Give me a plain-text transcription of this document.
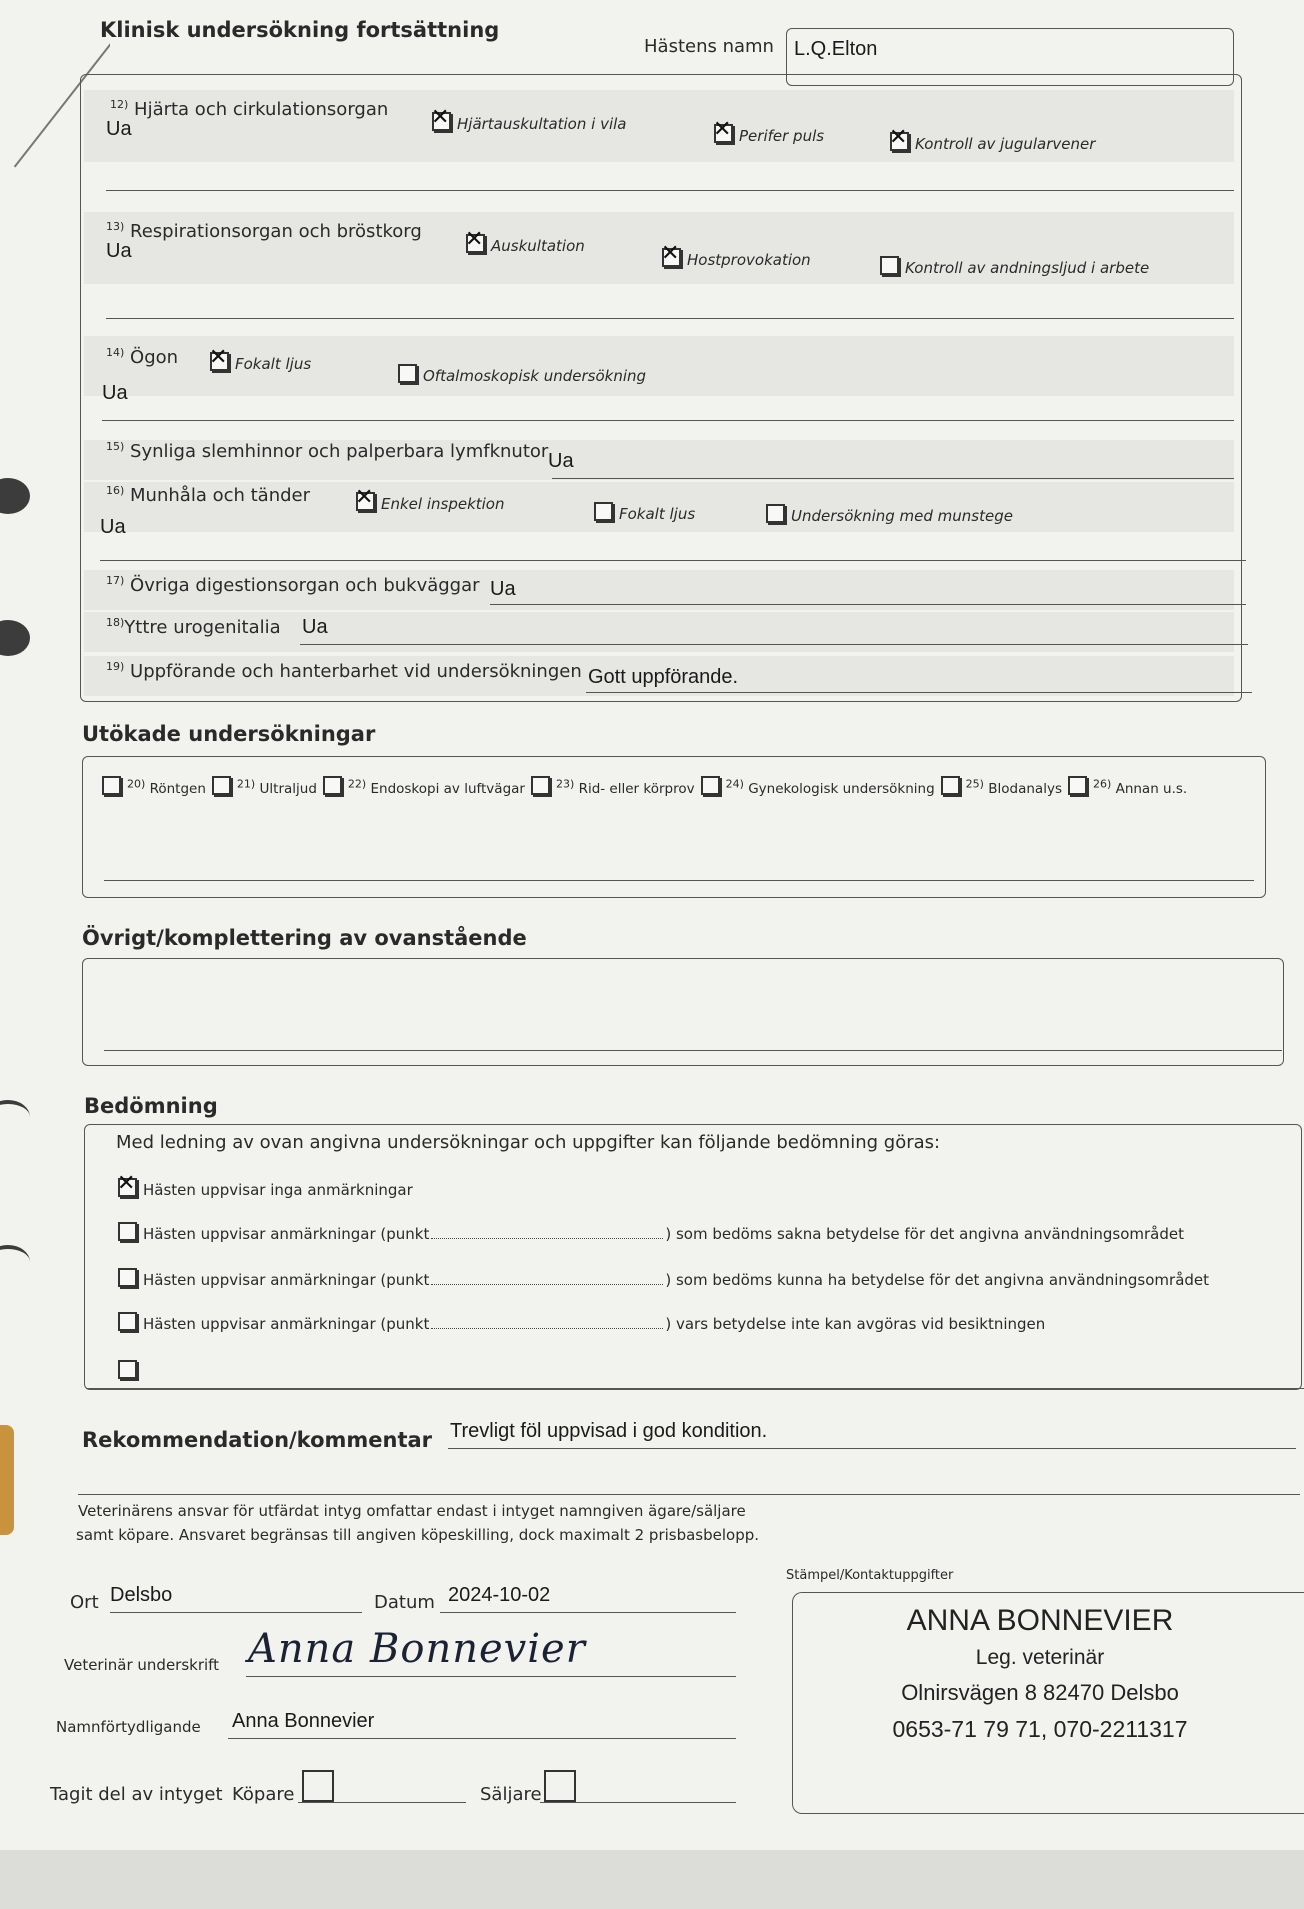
Klinisk undersökning fortsättning
Hästens namn L.Q.Elton
$^{12)}$ Hjärta och cirkulationsorgan
✕Hjärtauskultation i vila
✕Perifer puls ✕	Kontroll av jugularvener
Ua
$^{13)}$ Respirationsorgan och bröstkorg
✕Auskultation
✕Hostprovokation	Kontroll av andningsljud i arbete
Ua
$^{14)}$ Ögon ✕	Fokalt ljus
Oftalmoskopisk undersökning
Ua
$^{15)}$ Synliga slemhinnor och palperbara lymfknutor Ua
$^{16)}$ Munhåla och tänder ✕	Enkel inspektion
Fokalt ljus	Undersökning med munstege
Ua
$^{17)}$ Övriga digestionsorgan och bukväggar Ua
$^{18)}$Yttre urogenitalia Ua
$^{19)}$ Uppförande och hanterbarhet vid undersökningen Gott uppförande.
Utökade undersökningar
$^{20)}$ Röntgen	$^{21)}$ Ultraljud	$^{22)}$ Endoskopi av luftvägar	$^{23)}$ Rid- eller körprov	$^{24)}$ Gynekologisk undersökning	$^{25)}$ Blodanalys	$^{26)}$ Annan u.s.
Övrigt/komplettering av ovanstående
Bedömning
Med ledning av ovan angivna undersökningar och uppgifter kan följande bedömning göras:
✕Hästen uppvisar inga anmärkningar
Hästen uppvisar anmärkningar (punkt	) som bedöms sakna betydelse för det angivna användningsområdet
Hästen uppvisar anmärkningar (punkt	) som bedöms kunna ha betydelse för det angivna användningsområdet
Hästen uppvisar anmärkningar (punkt	) vars betydelse inte kan avgöras vid besiktningen
Rekommendation/kommentar Trevligt föl uppvisad i god kondition.
Veterinärens ansvar för utfärdat intyg omfattar endast i intyget namngiven ägare/säljare
samt köpare. Ansvaret begränsas till angiven köpeskilling, dock maximalt 2 prisbasbelopp.
Ort Delsbo	Datum 2024-10-02
Veterinär underskrift Anna Bonnevier
Namnförtydligande Anna Bonnevier
Tagit del av intyget Köpare	Säljare
Stämpel/Kontaktuppgifter
ANNA BONNEVIER
Leg. veterinär
Olnirsvägen 8 82470 Delsbo
0653-71 79 71, 070-2211317
